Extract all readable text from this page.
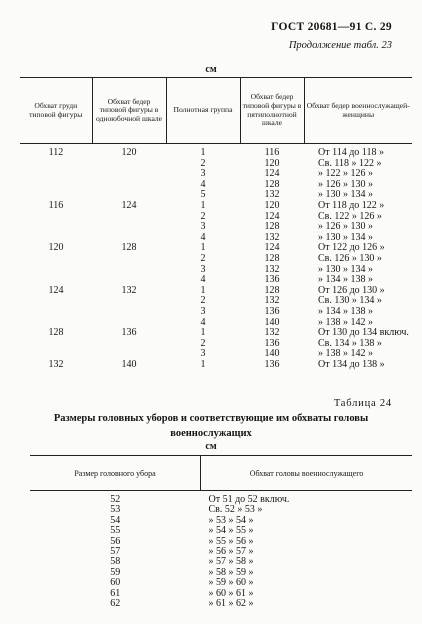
ГОСТ 20681—91 С. 29
Продолжение табл. 23
см
Обхват груди типовой фигуры	Обхват бедер типовой фигуры в одноюбочной шкале	Полнотная группа	Обхват бедер типовой фигуры в пятиполнотной шкале	Обхват бедер военнослужащей-женщины
112	120	1	116	От 114 до 118 »
		2	120	Св. 118 » 122 »
		3	124	» 122 » 126 »
		4	128	» 126 » 130 »
		5	132	» 130 » 134 »
116	124	1	120	От 118 до 122 »
		2	124	Св. 122 » 126 »
		3	128	» 126 » 130 »
		4	132	» 130 » 134 »
120	128	1	124	От 122 до 126 »
		2	128	Св. 126 » 130 »
		3	132	» 130 » 134 »
		4	136	» 134 » 138 »
124	132	1	128	От 126 до 130 »
		2	132	Св. 130 » 134 »
		3	136	» 134 » 138 »
		4	140	» 138 » 142 »
128	136	1	132	От 130 до 134 включ.
		2	136	Св. 134 » 138 »
		3	140	» 138 » 142 »
132	140	1	136	От 134 до 138 »
Таблица 24
Размеры головных уборов и соответствующие им обхваты головы
военнослужащих
см
Размер головного убора	Обхват головы военнослужащего
52	От 51 до 52 включ.
53	Св. 52 » 53 »
54	» 53 » 54 »
55	» 54 » 55 »
56	» 55 » 56 »
57	» 56 » 57 »
58	» 57 » 58 »
59	» 58 » 59 »
60	» 59 » 60 »
61	» 60 » 61 »
62	» 61 » 62 »
